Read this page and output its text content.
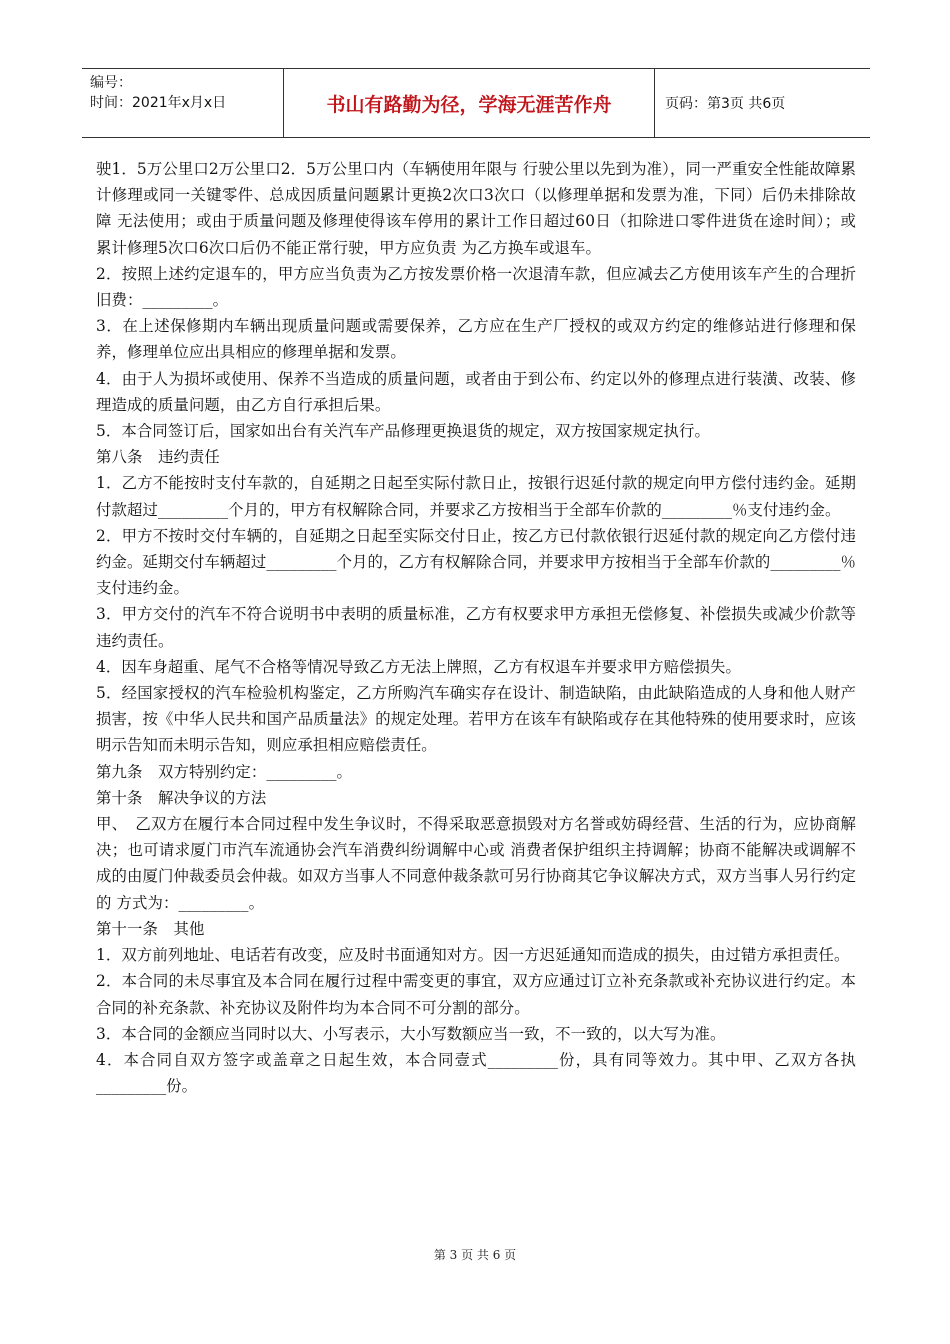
编号：
时间：2021年x月x日	书山有路勤为径，学海无涯苦作舟	页码：第3页 共6页

驶1．5万公里口2万公里口2．5万公里口内（车辆使用年限与 行驶公里以先到为准），同一严重安全性能故障累计修理或同一关键零件、总成因质量问题累计更换2次口3次口（以修理单据和发票为准，下同）后仍未排除故障 无法使用；或由于质量问题及修理使得该车停用的累计工作日超过60日（扣除进口零件进货在途时间）；或累计修理5次口6次口后仍不能正常行驶，甲方应负责 为乙方换车或退车。

2．按照上述约定退车的，甲方应当负责为乙方按发票价格一次退清车款，但应减去乙方使用该车产生的合理折旧费：_________。

3．在上述保修期内车辆出现质量问题或需要保养，乙方应在生产厂授权的或双方约定的维修站进行修理和保养，修理单位应出具相应的修理单据和发票。

4．由于人为损坏或使用、保养不当造成的质量问题，或者由于到公布、约定以外的修理点进行装潢、改装、修理造成的质量问题，由乙方自行承担后果。

5．本合同签订后，国家如出台有关汽车产品修理更换退货的规定，双方按国家规定执行。

第八条　违约责任

1．乙方不能按时支付车款的，自延期之日起至实际付款日止，按银行迟延付款的规定向甲方偿付违约金。延期付款超过_________个月的，甲方有权解除合同，并要求乙方按相当于全部车价款的_________％支付违约金。

2．甲方不按时交付车辆的，自延期之日起至实际交付日止，按乙方已付款依银行迟延付款的规定向乙方偿付违约金。延期交付车辆超过_________个月的，乙方有权解除合同，并要求甲方按相当于全部车价款的_________％支付违约金。

3．甲方交付的汽车不符合说明书中表明的质量标准，乙方有权要求甲方承担无偿修复、补偿损失或减少价款等违约责任。

4．因车身超重、尾气不合格等情况导致乙方无法上牌照，乙方有权退车并要求甲方赔偿损失。

5．经国家授权的汽车检验机构鉴定，乙方所购汽车确实存在设计、制造缺陷，由此缺陷造成的人身和他人财产损害，按《中华人民共和国产品质量法》的规定处理。若甲方在该车有缺陷或存在其他特殊的使用要求时，应该明示告知而未明示告知，则应承担相应赔偿责任。

第九条　双方特别约定：_________。

第十条　解决争议的方法

甲、　乙双方在履行本合同过程中发生争议时，不得采取恶意损毁对方名誉或妨碍经营、生活的行为，应协商解决；也可请求厦门市汽车流通协会汽车消费纠纷调解中心或 消费者保护组织主持调解；协商不能解决或调解不成的由厦门仲裁委员会仲裁。如双方当事人不同意仲裁条款可另行协商其它争议解决方式，双方当事人另行约定的 方式为：_________。

第十一条　其他

1．双方前列地址、电话若有改变，应及时书面通知对方。因一方迟延通知而造成的损失，由过错方承担责任。

2．本合同的未尽事宜及本合同在履行过程中需变更的事宜，双方应通过订立补充条款或补充协议进行约定。本合同的补充条款、补充协议及附件均为本合同不可分割的部分。

3．本合同的金额应当同时以大、小写表示，大小写数额应当一致，不一致的，以大写为准。

4．本合同自双方签字或盖章之日起生效，本合同壹式_________份，具有同等效力。其中甲、乙双方各执_________份。

第 3 页 共 6 页
